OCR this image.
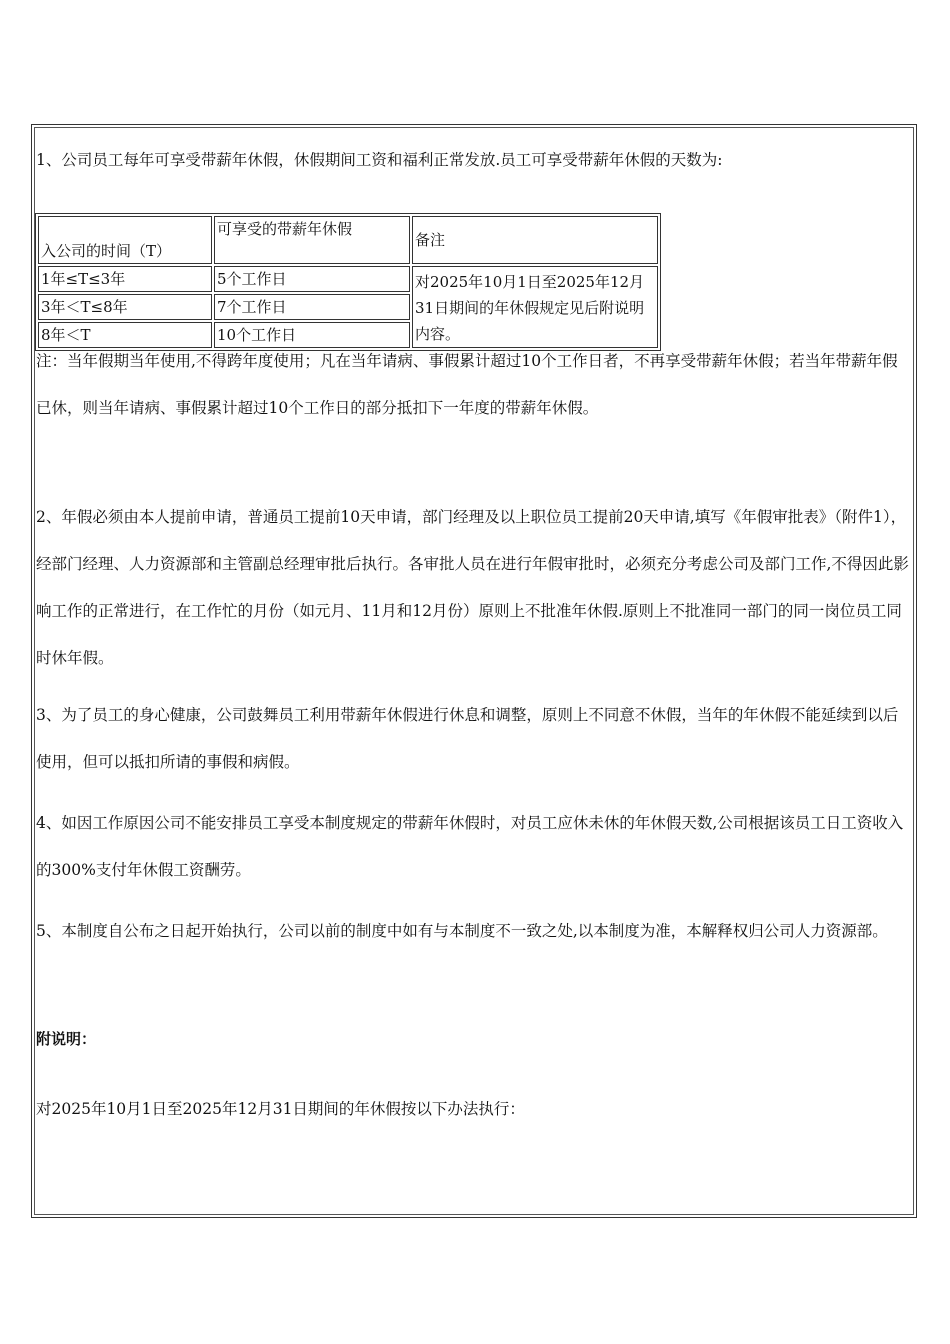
1、公司员工每年可享受带薪年休假，休假期间工资和福利正常发放.员工可享受带薪年休假的天数为:

入公司的时间（T）	可享受的带薪年休假	备注
1年≤T≤3年	5个工作日	对2025年10月1日至2025年12月31日期间的年休假规定见后附说明内容。
3年＜T≤8年	7个工作日	
8年＜T	10个工作日	

注：当年假期当年使用,不得跨年度使用；凡在当年请病、事假累计超过10个工作日者，不再享受带薪年休假；若当年带薪年假已休，则当年请病、事假累计超过10个工作日的部分抵扣下一年度的带薪年休假。

2、年假必须由本人提前申请，普通员工提前10天申请，部门经理及以上职位员工提前20天申请,填写《年假审批表》（附件1），经部门经理、人力资源部和主管副总经理审批后执行。各审批人员在进行年假审批时，必须充分考虑公司及部门工作,不得因此影响工作的正常进行，在工作忙的月份（如元月、11月和12月份）原则上不批准年休假.原则上不批准同一部门的同一岗位员工同时休年假。

3、为了员工的身心健康，公司鼓舞员工利用带薪年休假进行休息和调整，原则上不同意不休假，当年的年休假不能延续到以后使用，但可以抵扣所请的事假和病假。

4、如因工作原因公司不能安排员工享受本制度规定的带薪年休假时，对员工应休未休的年休假天数,公司根据该员工日工资收入的300%支付年休假工资酬劳。

5、本制度自公布之日起开始执行，公司以前的制度中如有与本制度不一致之处,以本制度为准，本解释权归公司人力资源部。

附说明：

对2025年10月1日至2025年12月31日期间的年休假按以下办法执行：
